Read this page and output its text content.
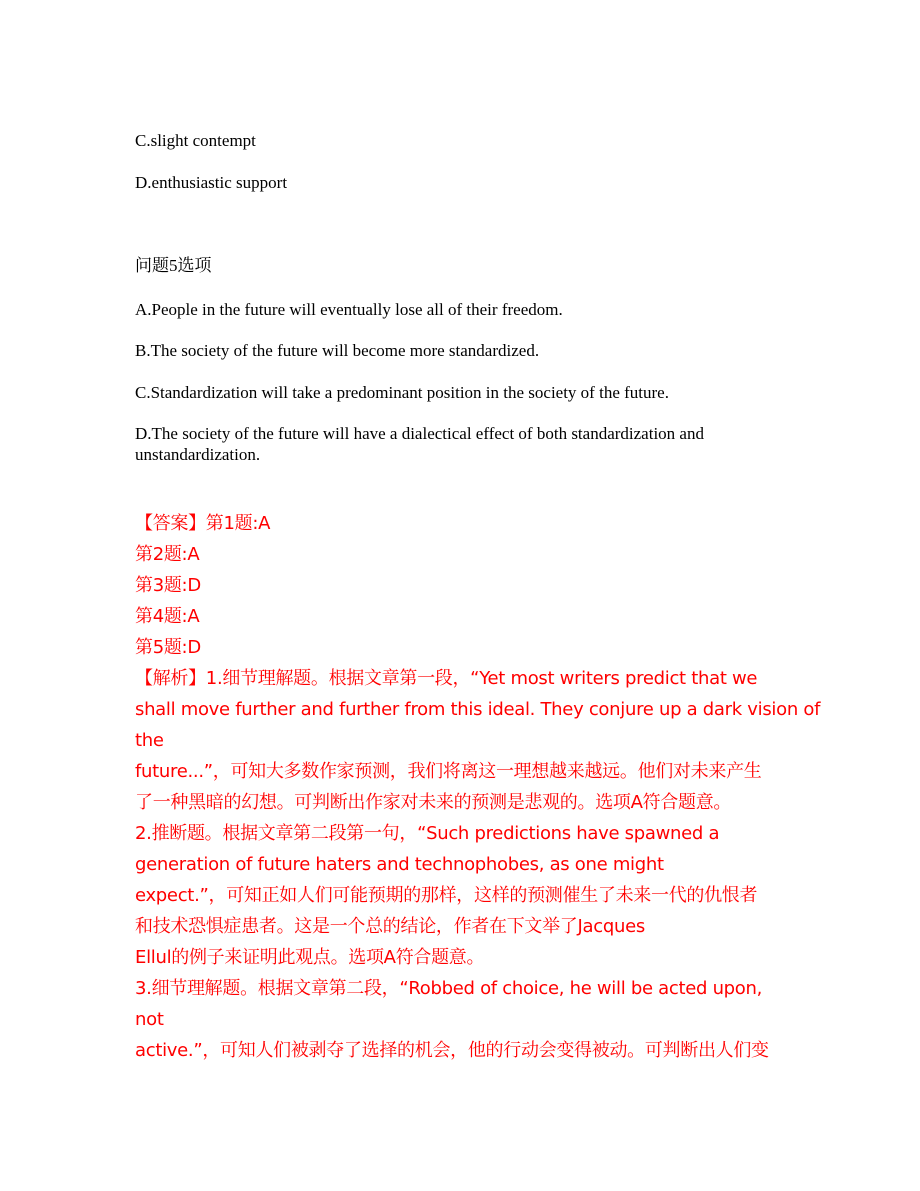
C.slight contempt

D.enthusiastic support

问题5选项

A.People in the future will eventually lose all of their freedom.

B.The society of the future will become more standardized.

C.Standardization will take a predominant position in the society of the future.

D.The society of the future will have a dialectical effect of both standardization and

unstandardization.

【答案】第1题:A
第2题:A
第3题:D
第4题:A
第5题:D
【解析】1.细节理解题。根据文章第一段，“Yet most writers predict that we
shall move further and further from this ideal. They conjure up a dark vision of
the
future...”，可知大多数作家预测，我们将离这一理想越来越远。他们对未来产生
了一种黑暗的幻想。可判断出作家对未来的预测是悲观的。选项A符合题意。
2.推断题。根据文章第二段第一句，“Such predictions have spawned a
generation of future haters and technophobes, as one might
expect.”，可知正如人们可能预期的那样，这样的预测催生了未来一代的仇恨者
和技术恐惧症患者。这是一个总的结论，作者在下文举了Jacques
Ellul的例子来证明此观点。选项A符合题意。
3.细节理解题。根据文章第二段，“Robbed of choice, he will be acted upon,
not
active.”，可知人们被剥夺了选择的机会，他的行动会变得被动。可判断出人们变
